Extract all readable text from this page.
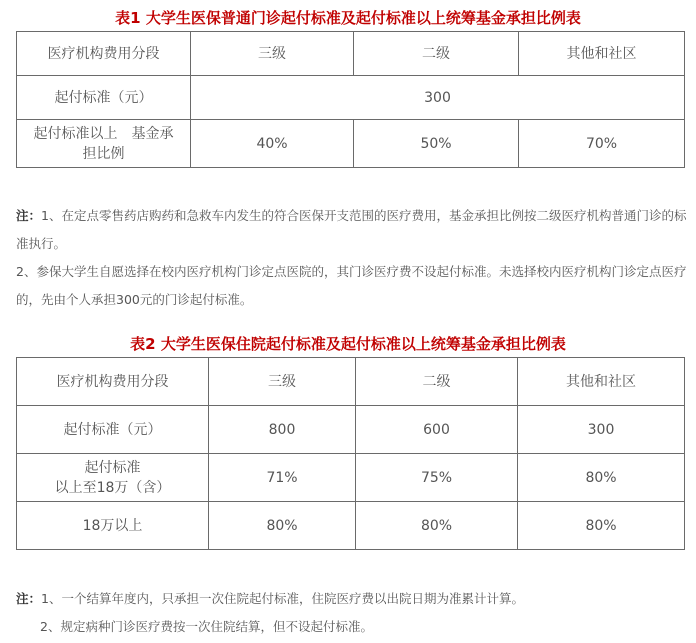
表1 大学生医保普通门诊起付标准及起付标准以上统筹基金承担比例表
医疗机构费用分段	三级	二级	其他和社区
起付标准（元）	300		
起付标准以上　基金承担比例	40%	50%	70%
注：1、在定点零售药店购药和急救车内发生的符合医保开支范围的医疗费用，基金承担比例按二级医疗机构普通门诊的标准执行。
2、参保大学生自愿选择在校内医疗机构门诊定点医院的，其门诊医疗费不设起付标准。未选择校内医疗机构门诊定点医疗的，先由个人承担300元的门诊起付标准。
表2 大学生医保住院起付标准及起付标准以上统筹基金承担比例表
医疗机构费用分段	三级	二级	其他和社区
起付标准（元）	800	600	300
起付标准
以上至18万（含）	71%	75%	80%
18万以上	80%	80%	80%
注：1、一个结算年度内，只承担一次住院起付标准，住院医疗费以出院日期为准累计计算。
2、规定病种门诊医疗费按一次住院结算，但不设起付标准。
